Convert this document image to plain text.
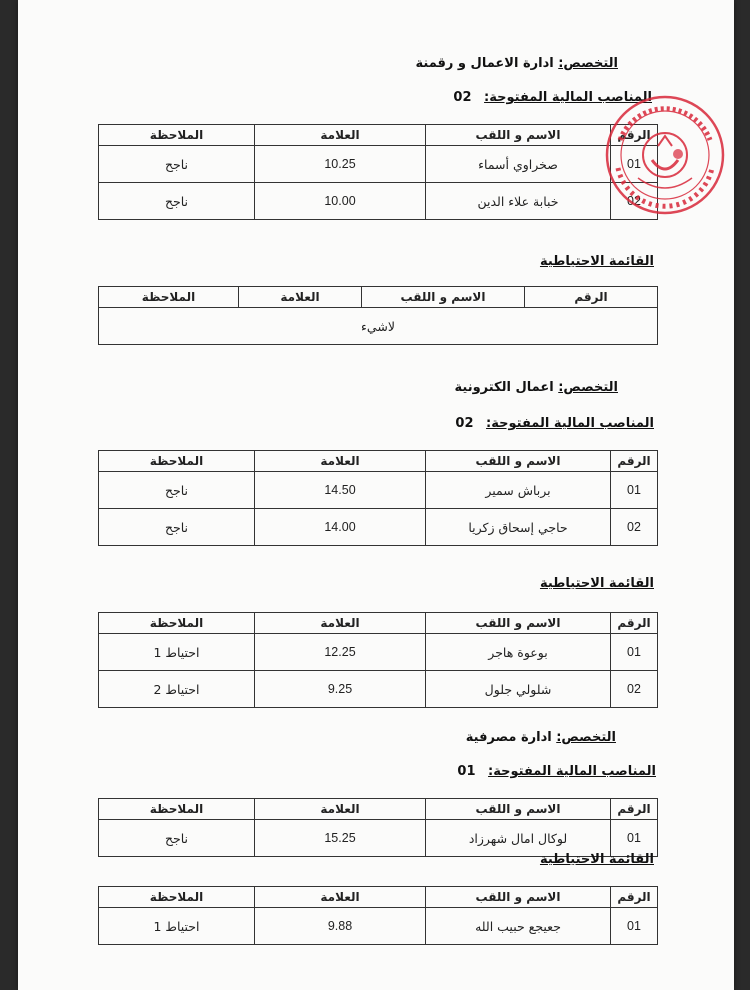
التخصص: ادارة الاعمال و رقمنة
المناصب المالية المفتوحة: 02
الرقم	الاسم و اللقب	العلامة	الملاحظة
01	صخراوي أسماء	10.25	ناجح
02	خبابة علاء الدين	10.00	ناجح
القائمة الاحتياطية
الرقم	الاسم و اللقب	العلامة	الملاحظة
لاشيء
التخصص: اعمال الكترونية
المناصب المالية المفتوحة: 02
الرقم	الاسم و اللقب	العلامة	الملاحظة
01	برباش سمير	14.50	ناجح
02	حاجي إسحاق زكريا	14.00	ناجح
القائمة الاحتياطية
الرقم	الاسم و اللقب	العلامة	الملاحظة
01	بوعوة هاجر	12.25	احتياط 1
02	شلولي جلول	9.25	احتياط 2
التخصص: ادارة مصرفية
المناصب المالية المفتوحة: 01
الرقم	الاسم و اللقب	العلامة	الملاحظة
01	لوكال امال شهرزاد	15.25	ناجح
القائمة الاحتياطية
الرقم	الاسم و اللقب	العلامة	الملاحظة
01	جعيجع حبيب الله	9.88	احتياط 1
